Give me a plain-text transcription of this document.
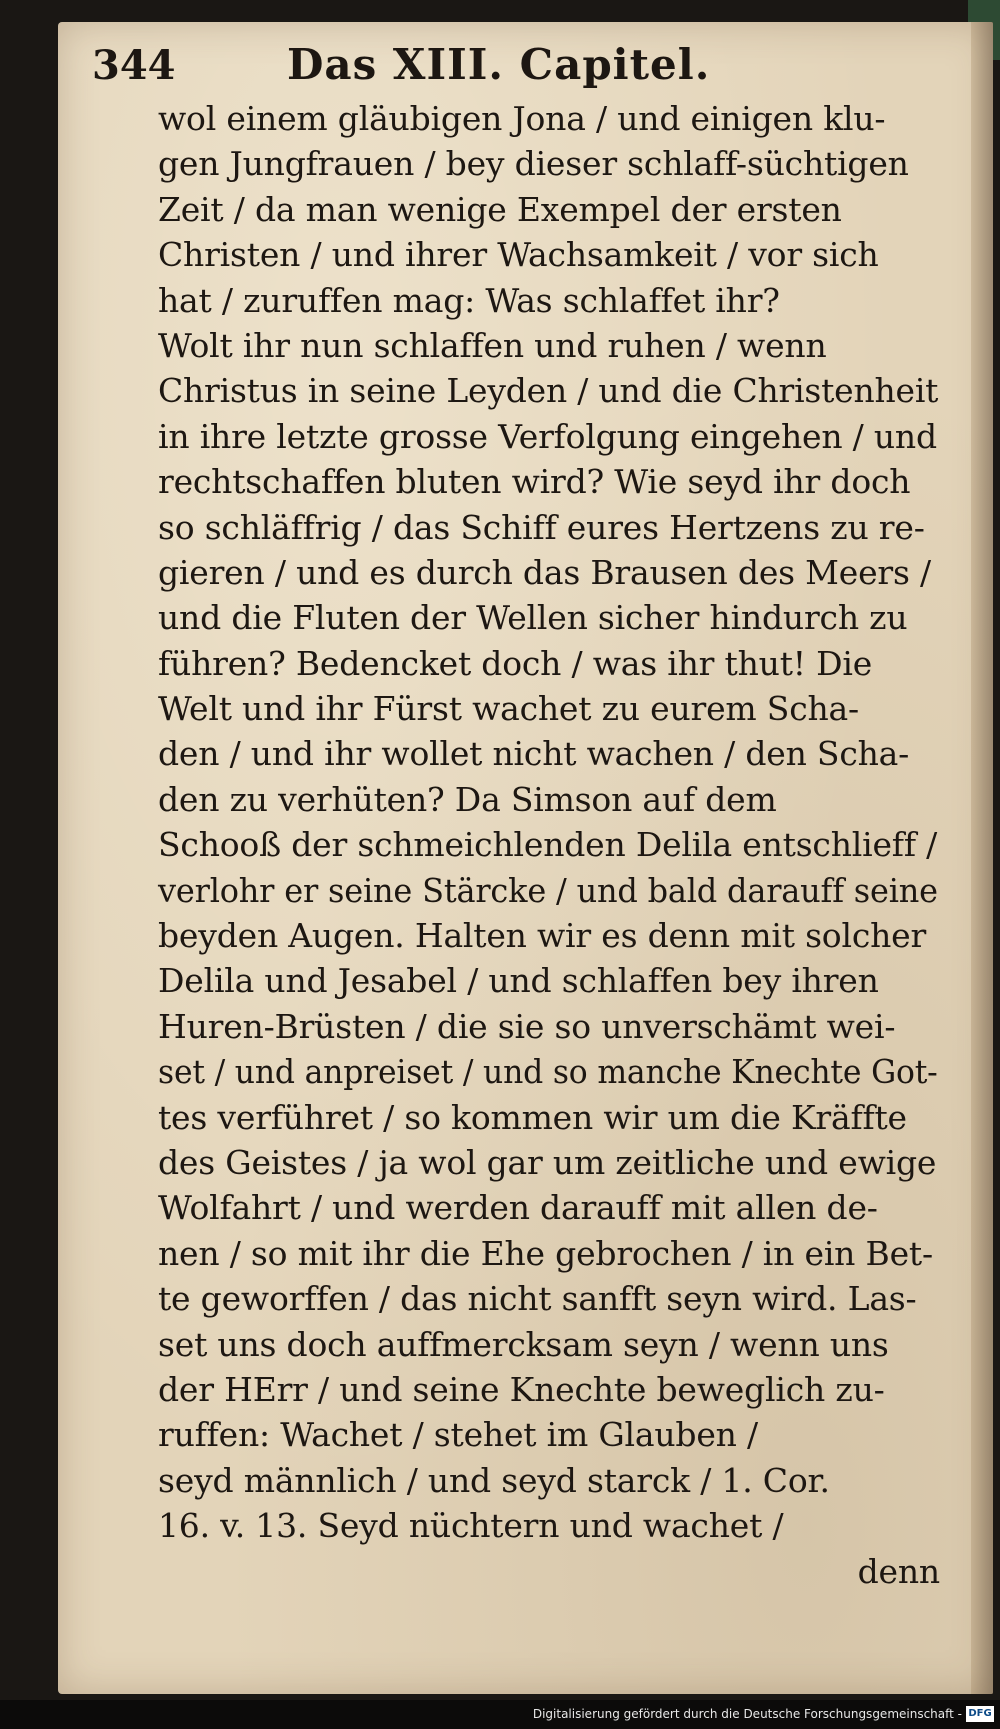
344	Das XIII. Capitel.
wol einem gläubigen Jona / und einigen klu-
gen Jungfrauen / bey dieser schlaff-süchtigen
Zeit / da man wenige Exempel der ersten
Christen / und ihrer Wachsamkeit / vor sich
hat / zuruffen mag: Was schlaffet ihr?
Wolt ihr nun schlaffen und ruhen / wenn
Christus in seine Leyden / und die Christenheit
in ihre letzte grosse Verfolgung eingehen / und
rechtschaffen bluten wird? Wie seyd ihr doch
so schläffrig / das Schiff eures Hertzens zu re-
gieren / und es durch das Brausen des Meers /
und die Fluten der Wellen sicher hindurch zu
führen? Bedencket doch / was ihr thut! Die
Welt und ihr Fürst wachet zu eurem Scha-
den / und ihr wollet nicht wachen / den Scha-
den zu verhüten? Da Simson auf dem
Schooß der schmeichlenden Delila entschlieff /
verlohr er seine Stärcke / und bald darauff seine
beyden Augen. Halten wir es denn mit solcher
Delila und Jesabel / und schlaffen bey ihren
Huren-Brüsten / die sie so unverschämt wei-
set / und anpreiset / und so manche Knechte Got-
tes verführet / so kommen wir um die Kräffte
des Geistes / ja wol gar um zeitliche und ewige
Wolfahrt / und werden darauff mit allen de-
nen / so mit ihr die Ehe gebrochen / in ein Bet-
te geworffen / das nicht sanfft seyn wird. Las-
set uns doch auffmercksam seyn / wenn uns
der HErr / und seine Knechte beweglich zu-
ruffen: Wachet / stehet im Glauben /
seyd männlich / und seyd starck / 1. Cor.
16. v. 13. Seyd nüchtern und wachet /
denn
Digitalisierung gefördert durch die Deutsche Forschungsgemeinschaft - DFG
